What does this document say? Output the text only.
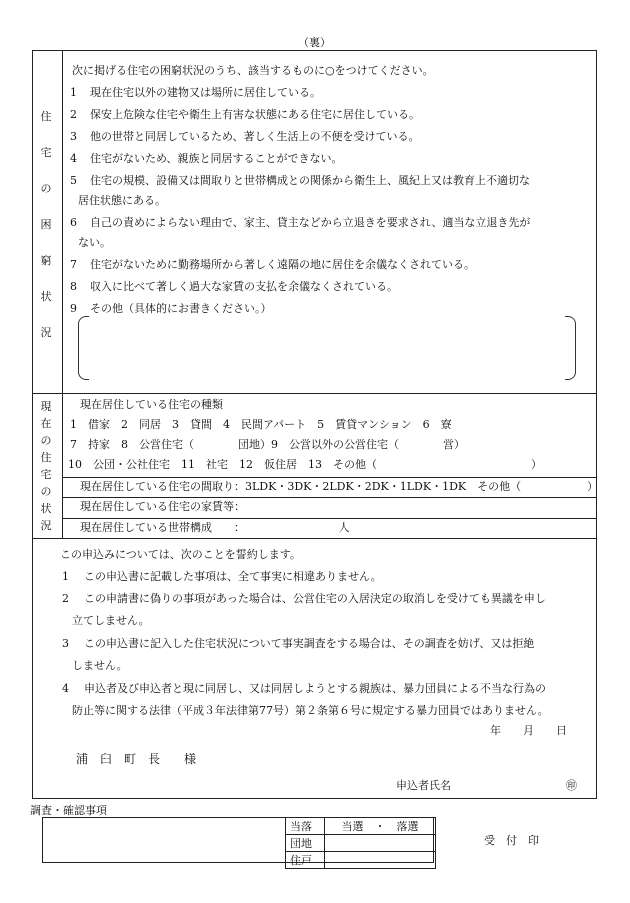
（裏）
住
宅
の
困
窮
状
況
次に掲げる住宅の困窮状況のうち、該当するものに○をつけてください。
1 現在住宅以外の建物又は場所に居住している。
2 保安上危険な住宅や衛生上有害な状態にある住宅に居住している。
3 他の世帯と同居しているため、著しく生活上の不便を受けている。
4 住宅がないため、親族と同居することができない。
5 住宅の規模、設備又は間取りと世帯構成との関係から衛生上、風紀上又は教育上不適切な
居住状態にある。
6 自己の責めによらない理由で、家主、貸主などから立退きを要求され、適当な立退き先が
ない。
7 住宅がないために勤務場所から著しく遠隔の地に居住を余儀なくされている。
8 収入に比べて著しく過大な家賃の支払を余儀なくされている。
9 その他（具体的にお書きください。）
現
在
の
住
宅
の
状
況
現在居住している住宅の種類
1　借家　2　同居　3　貸間　4　民間アパート　5　賃貸マンション　6　寮
7　持家　8　公営住宅（　　　　団地）9　公営以外の公営住宅（　　　　営）
10　公団・公社住宅　11　社宅　12　仮住居　13　その他（　　　　　　　　　　　　　　）
現在居住している住宅の間取り：3LDK・3DK・2LDK・2DK・1LDK・1DK　その他（　　　　　　）
現在居住している住宅の家賃等：
現在居住している世帯構成　　：　　　　　　　　　人
この申込みについては、次のことを誓約します。
1 この申込書に記載した事項は、全て事実に相違ありません。
2 この申請書に偽りの事項があった場合は、公営住宅の入居決定の取消しを受けても異議を申し
立てしません。
3 この申込書に記入した住宅状況について事実調査をする場合は、その調査を妨げ、又は拒絶
しません。
4 申込者及び申込者と現に同居し、又は同居しようとする親族は、暴力団員による不当な行為の
防止等に関する法律（平成３年法律第77号）第２条第６号に規定する暴力団員ではありません。
年　　月　　日
浦　臼　町　長　　様
申込者氏名	㊞
調査・確認事項
当落	当選　・　落選
団地	
住戸	
受　付　印
